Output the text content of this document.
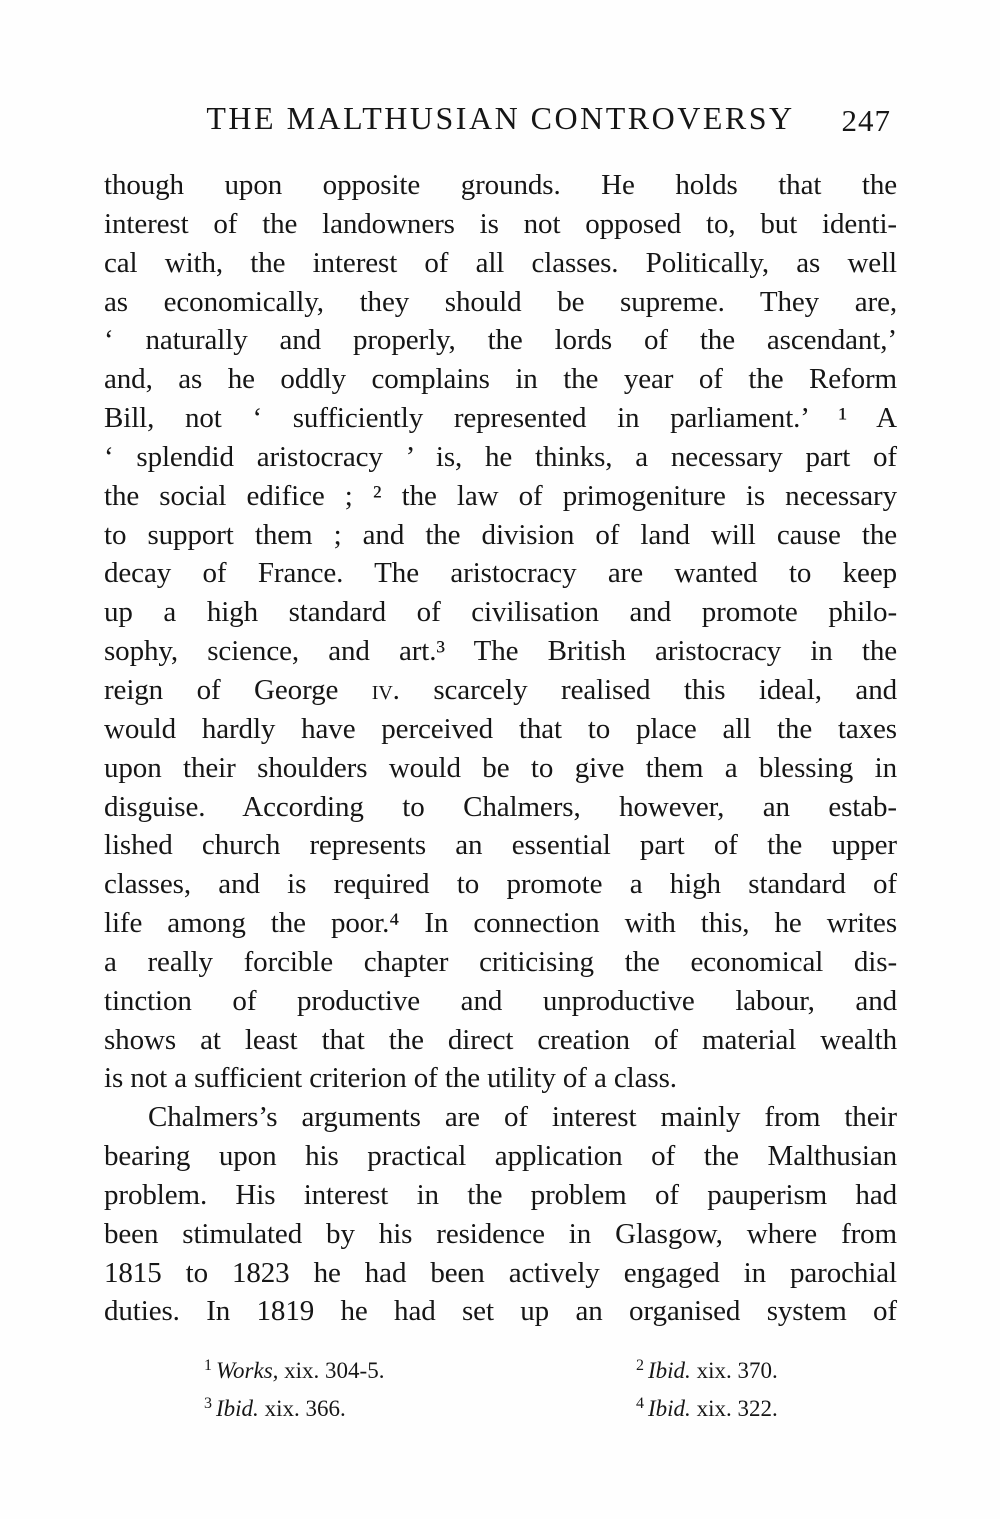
THE MALTHUSIAN CONTROVERSY	247
though upon opposite grounds. He holds that the
interest of the landowners is not opposed to, but identi-
cal with, the interest of all classes. Politically, as well
as economically, they should be supreme. They are,
‘ naturally and properly, the lords of the ascendant,’
and, as he oddly complains in the year of the Reform
Bill, not ‘ sufficiently represented in parliament.’ ¹ A
‘ splendid aristocracy ’ is, he thinks, a necessary part of
the social edifice ; ² the law of primogeniture is necessary
to support them ; and the division of land will cause the
decay of France. The aristocracy are wanted to keep
up a high standard of civilisation and promote philo-
sophy, science, and art.³ The British aristocracy in the
reign of George iv. scarcely realised this ideal, and
would hardly have perceived that to place all the taxes
upon their shoulders would be to give them a blessing in
disguise. According to Chalmers, however, an estab-
lished church represents an essential part of the upper
classes, and is required to promote a high standard of
life among the poor.⁴ In connection with this, he writes
a really forcible chapter criticising the economical dis-
tinction of productive and unproductive labour, and
shows at least that the direct creation of material wealth
is not a sufficient criterion of the utility of a class.
Chalmers’s arguments are of interest mainly from their
bearing upon his practical application of the Malthusian
problem. His interest in the problem of pauperism had
been stimulated by his residence in Glasgow, where from
1815 to 1823 he had been actively engaged in parochial
duties. In 1819 he had set up an organised system of
$^1$ Works, xix. 304-5.	$^2$ Ibid. xix. 370.
$^3$ Ibid. xix. 366.	$^4$ Ibid. xix. 322.
